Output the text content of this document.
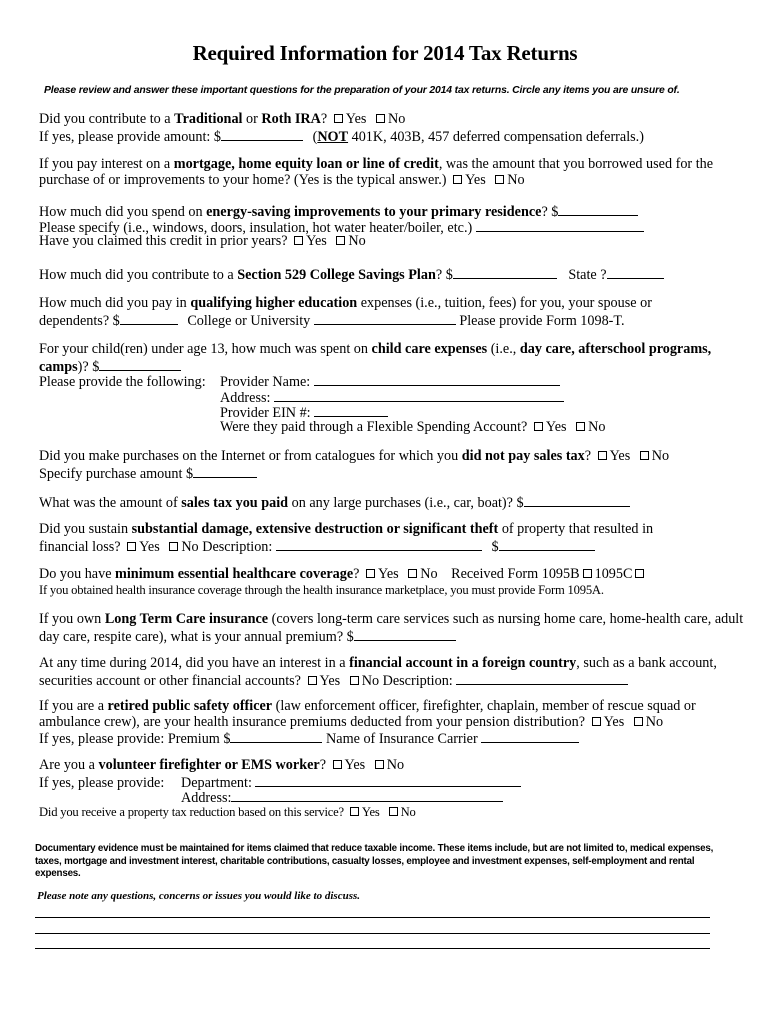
Required Information for 2014 Tax Returns
Please review and answer these important questions for the preparation of your 2014 tax returns. Circle any items you are unsure of.
Did you contribute to a Traditional or Roth IRA? Yes No
If yes, please provide amount: $	(NOT 401K, 403B, 457 deferred compensation deferrals.)
If you pay interest on a mortgage, home equity loan or line of credit, was the amount that you borrowed used for the
purchase of or improvements to your home? (Yes is the typical answer.) Yes No
How much did you spend on energy-saving improvements to your primary residence? $
Please specify (i.e., windows, doors, insulation, hot water heater/boiler, etc.)
Have you claimed this credit in prior years? Yes No
How much did you contribute to a Section 529 College Savings Plan? $	State ?
How much did you pay in qualifying higher education expenses (i.e., tuition, fees) for you, your spouse or
dependents? $	College or University	Please provide Form 1098-T.
For your child(ren) under age 13, how much was spent on child care expenses (i.e., day care, afterschool programs,
camps)? $
Please provide the following: Provider Name:
Address:
Provider EIN #:
Were they paid through a Flexible Spending Account? Yes No
Did you make purchases on the Internet or from catalogues for which you did not pay sales tax? Yes No
Specify purchase amount $
What was the amount of sales tax you paid on any large purchases (i.e., car, boat)? $
Did you sustain substantial damage, extensive destruction or significant theft of property that resulted in
financial loss? Yes No Description:	$
Do you have minimum essential healthcare coverage? Yes No Received Form 1095B 1095C
If you obtained health insurance coverage through the health insurance marketplace, you must provide Form 1095A.
If you own Long Term Care insurance (covers long-term care services such as nursing home care, home-health care, adult
day care, respite care), what is your annual premium? $
At any time during 2014, did you have an interest in a financial account in a foreign country, such as a bank account,
securities account or other financial accounts? Yes No Description:
If you are a retired public safety officer (law enforcement officer, firefighter, chaplain, member of rescue squad or
ambulance crew), are your health insurance premiums deducted from your pension distribution? Yes No
If yes, please provide: Premium $	Name of Insurance Carrier
Are you a volunteer firefighter or EMS worker? Yes No
If yes, please provide: Department:
Address:
Did you receive a property tax reduction based on this service? Yes No
Documentary evidence must be maintained for items claimed that reduce taxable income. These items include, but are not limited to, medical expenses, taxes, mortgage and investment interest, charitable contributions, casualty losses, employee and investment expenses, self-employment and rental expenses.
Please note any questions, concerns or issues you would like to discuss.
